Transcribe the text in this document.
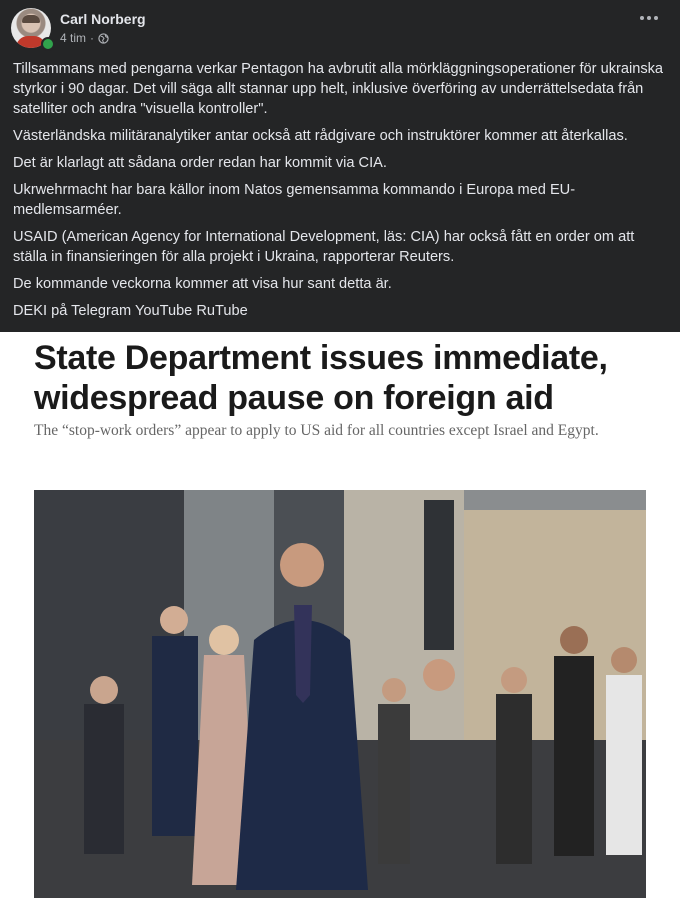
Carl Norberg
4 tim ·

Tillsammans med pengarna verkar Pentagon ha avbrutit alla mörkläggningsoperationer för ukrainska styrkor i 90 dagar. Det vill säga allt stannar upp helt, inklusive överföring av underrättelsedata från satelliter och andra "visuella kontroller".

Västerländska militäranalytiker antar också att rådgivare och instruktörer kommer att återkallas.

Det är klarlagt att sådana order redan har kommit via CIA.

Ukrwehrmacht har bara källor inom Natos gemensamma kommando i Europa med EU-medlemsarméer.

USAID (American Agency for International Development, läs: CIA) har också fått en order om att ställa in finansieringen för alla projekt i Ukraina, rapporterar Reuters.

De kommande veckorna kommer att visa hur sant detta är.

DEKI på Telegram YouTube RuTube

State Department issues immediate,
widespread pause on foreign aid
The “stop-work orders” appear to apply to US aid for all countries except Israel and Egypt.
